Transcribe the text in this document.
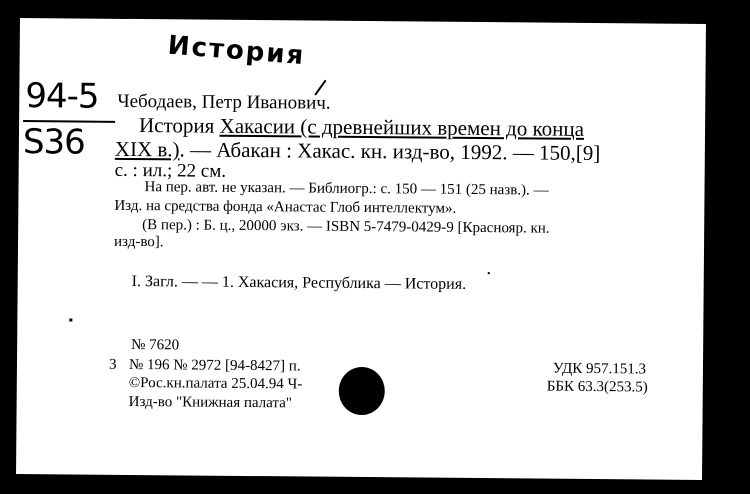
История
94-5
S36
Чебодаев, Петр Иванович.
История Хакасии (с древнейших времен до конца
XIX в.). — Абакан : Хакас. кн. изд-во, 1992. — 150,[9]
с. : ил.; 22 см.
На пер. авт. не указан. — Библиогр.: с. 150 — 151 (25 назв.). —
Изд. на средства фонда «Анастас Глоб интеллектум».
(В пер.) : Б. ц., 20000 экз. — ISBN 5-7479-0429-9 [Краснояр. кн.
изд-во].
I. Загл. — — 1. Хакасия, Республика — История.
№ 7620
3 № 196 № 2972 [94-8427] п.
©Рос.кн.палата 25.04.94 Ч-
Изд-во "Книжная палата"
УДК 957.151.3
ББК 63.3(253.5)
